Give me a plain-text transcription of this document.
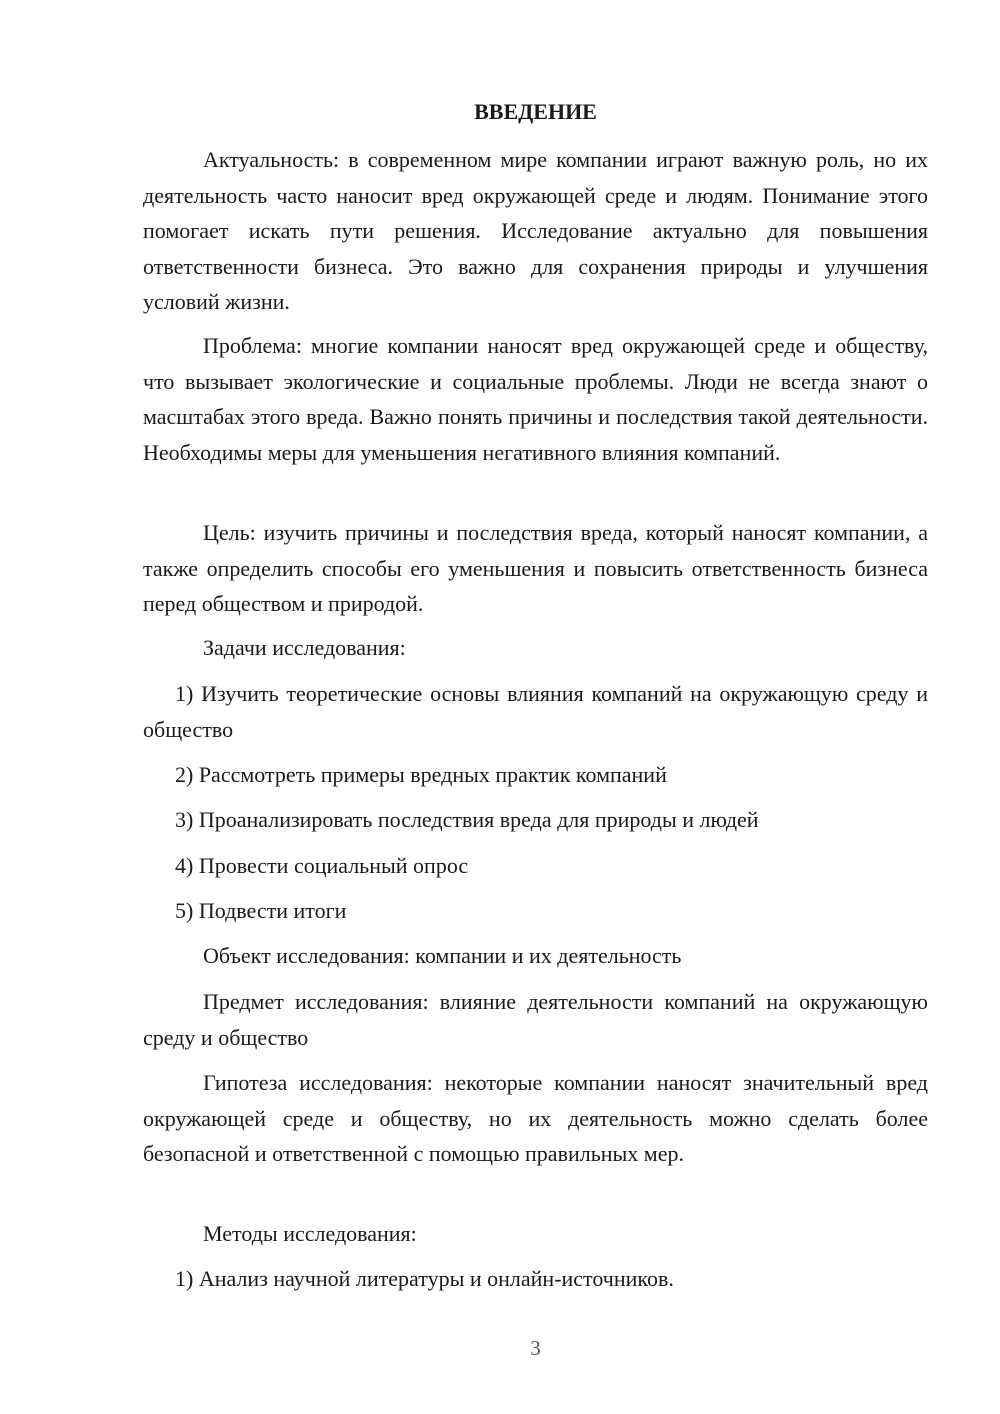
ВВЕДЕНИЕ

Актуальность: в современном мире компании играют важную роль, но их деятельность часто наносит вред окружающей среде и людям. Понимание этого помогает искать пути решения. Исследование актуально для повышения ответственности бизнеса. Это важно для сохранения природы и улучшения условий жизни.

Проблема: многие компании наносят вред окружающей среде и обществу, что вызывает экологические и социальные проблемы. Люди не всегда знают о масштабах этого вреда. Важно понять причины и последствия такой деятельности. Необходимы меры для уменьшения негативного влияния компаний.

Цель: изучить причины и последствия вреда, который наносят компании, а также определить способы его уменьшения и повысить ответственность бизнеса перед обществом и природой.

Задачи исследования:

1) Изучить теоретические основы влияния компаний на окружающую среду и общество

2) Рассмотреть примеры вредных практик компаний

3) Проанализировать последствия вреда для природы и людей

4) Провести социальный опрос

5) Подвести итоги

Объект исследования: компании и их деятельность

Предмет исследования: влияние деятельности компаний на окружающую среду и общество

Гипотеза исследования: некоторые компании наносят значительный вред окружающей среде и обществу, но их деятельность можно сделать более безопасной и ответственной с помощью правильных мер.

Методы исследования:

1) Анализ научной литературы и онлайн-источников.

3
